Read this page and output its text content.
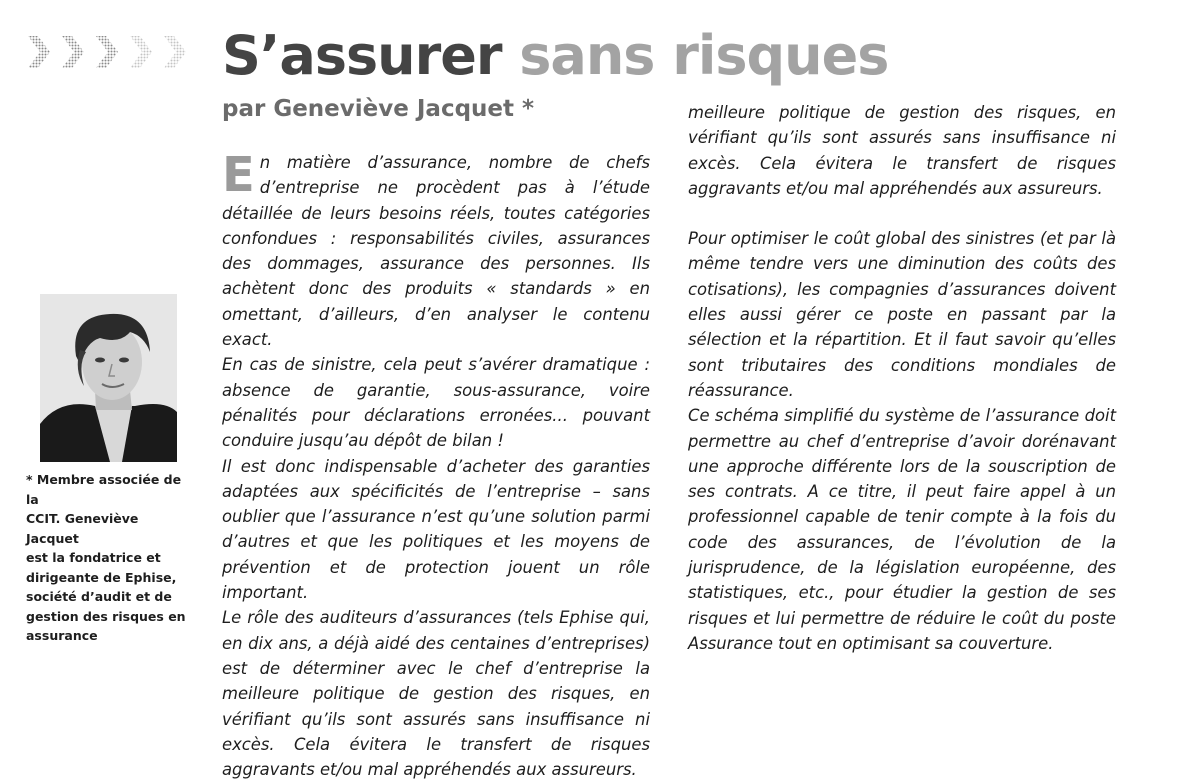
S’assurer sans risques
par Geneviève Jacquet *
* Membre associée de la
CCIT. Geneviève Jacquet
est la fondatrice et
dirigeante de Ephise,
société d’audit et de
gestion des risques en
assurance

En matière d’assurance, nombre de chefs d’entreprise ne procèdent pas à l’étude détaillée de leurs besoins réels, toutes catégories confondues : responsabilités civiles, assurances des dommages, assurance des personnes. Ils achètent donc des produits « standards » en omettant, d’ailleurs, d’en analyser le contenu exact.

En cas de sinistre, cela peut s’avérer dramatique : absence de garantie, sous-assurance, voire pénalités pour déclarations erronées... pouvant conduire jusqu’au dépôt de bilan !

Il est donc indispensable d’acheter des garanties adaptées aux spécificités de l’entreprise – sans oublier que l’assurance n’est qu’une solution parmi d’autres et que les politiques et les moyens de prévention et de protection jouent un rôle important.

Le rôle des auditeurs d’assurances (tels Ephise qui, en dix ans, a déjà aidé des centaines d’entreprises) est de déterminer avec le chef d’entreprise la meilleure politique de gestion des risques, en vérifiant qu’ils sont assurés sans insuffisance ni excès. Cela évitera le transfert de risques aggravants et/ou mal appréhendés aux assureurs.

meilleure politique de gestion des risques, en vérifiant qu’ils sont assurés sans insuffisance ni excès. Cela évitera le transfert de risques aggravants et/ou mal appréhendés aux assureurs.

Pour optimiser le coût global des sinistres (et par là même tendre vers une diminution des coûts des cotisations), les compagnies d’assurances doivent elles aussi gérer ce poste en passant par la sélection et la répartition. Et il faut savoir qu’elles sont tributaires des conditions mondiales de réassurance.

Ce schéma simplifié du système de l’assurance doit permettre au chef d’entreprise d’avoir dorénavant une approche différente lors de la souscription de ses contrats. A ce titre, il peut faire appel à un professionnel capable de tenir compte à la fois du code des assurances, de l’évolution de la jurisprudence, de la législation européenne, des statistiques, etc., pour étudier la gestion de ses risques et lui permettre de réduire le coût du poste Assurance tout en optimisant sa couverture.
